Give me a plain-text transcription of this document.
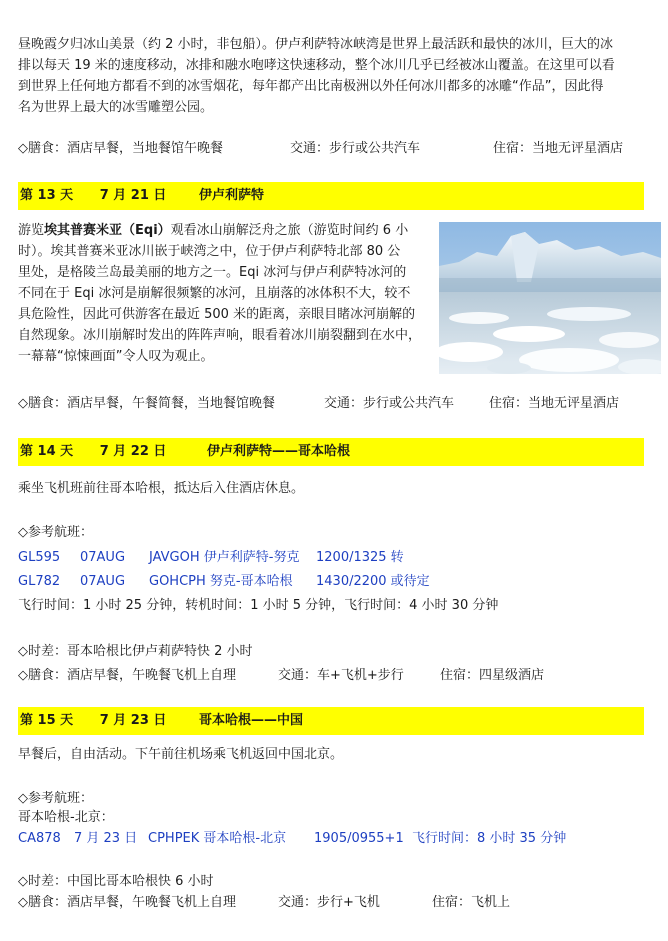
昼晚霞夕归冰山美景（约 2 小时，非包船）。伊卢利萨特冰峡湾是世界上最活跃和最快的冰川，巨大的冰
排以每天 19 米的速度移动，冰排和融水咆哮这快速移动，整个冰川几乎已经被冰山覆盖。在这里可以看
到世界上任何地方都看不到的冰雪烟花，每年都产出比南极洲以外任何冰川都多的冰雕“作品”，因此得
名为世界上最大的冰雪雕塑公园。
◇膳食：酒店早餐，当地餐馆午晚餐	交通：步行或公共汽车	住宿：当地无评星酒店
第 13 天 7 月 21 日	伊卢利萨特
游览埃其普赛米亚（Eqi）观看冰山崩解泛舟之旅（游览时间约 6 小
时）。埃其普赛米亚冰川嵌于峡湾之中，位于伊卢利萨特北部 80 公
里处，是格陵兰岛最美丽的地方之一。Eqi 冰河与伊卢利萨特冰河的
不同在于 Eqi 冰河是崩解很频繁的冰河，且崩落的冰体积不大，较不
具危险性，因此可供游客在最近 500 米的距离，亲眼目睹冰河崩解的
自然现象。冰川崩解时发出的阵阵声响，眼看着冰川崩裂翻到在水中，
一幕幕“惊悚画面”令人叹为观止。
◇膳食：酒店早餐，午餐简餐，当地餐馆晚餐	交通：步行或公共汽车	住宿：当地无评星酒店
第 14 天 7 月 22 日	伊卢利萨特——哥本哈根
乘坐飞机班前往哥本哈根，抵达后入住酒店休息。
◇参考航班：
GL595 07AUG JAVGOH 伊卢利萨特-努克 1200/1325 转
GL782 07AUG GOHCPH 努克-哥本哈根 1430/2200 或待定
飞行时间：1 小时 25 分钟，转机时间：1 小时 5 分钟，飞行时间：4 小时 30 分钟
◇时差：哥本哈根比伊卢莉萨特快 2 小时
◇膳食：酒店早餐，午晚餐飞机上自理	交通：车+飞机+步行	住宿：四星级酒店
第 15 天 7 月 23 日	哥本哈根——中国
早餐后，自由活动。下午前往机场乘飞机返回中国北京。
◇参考航班：
哥本哈根-北京：
CA878 7 月 23 日 CPHPEK 哥本哈根-北京 1905/0955+1 飞行时间：8 小时 35 分钟
◇时差：中国比哥本哈根快 6 小时
◇膳食：酒店早餐，午晚餐飞机上自理	交通：步行+飞机	住宿：飞机上
